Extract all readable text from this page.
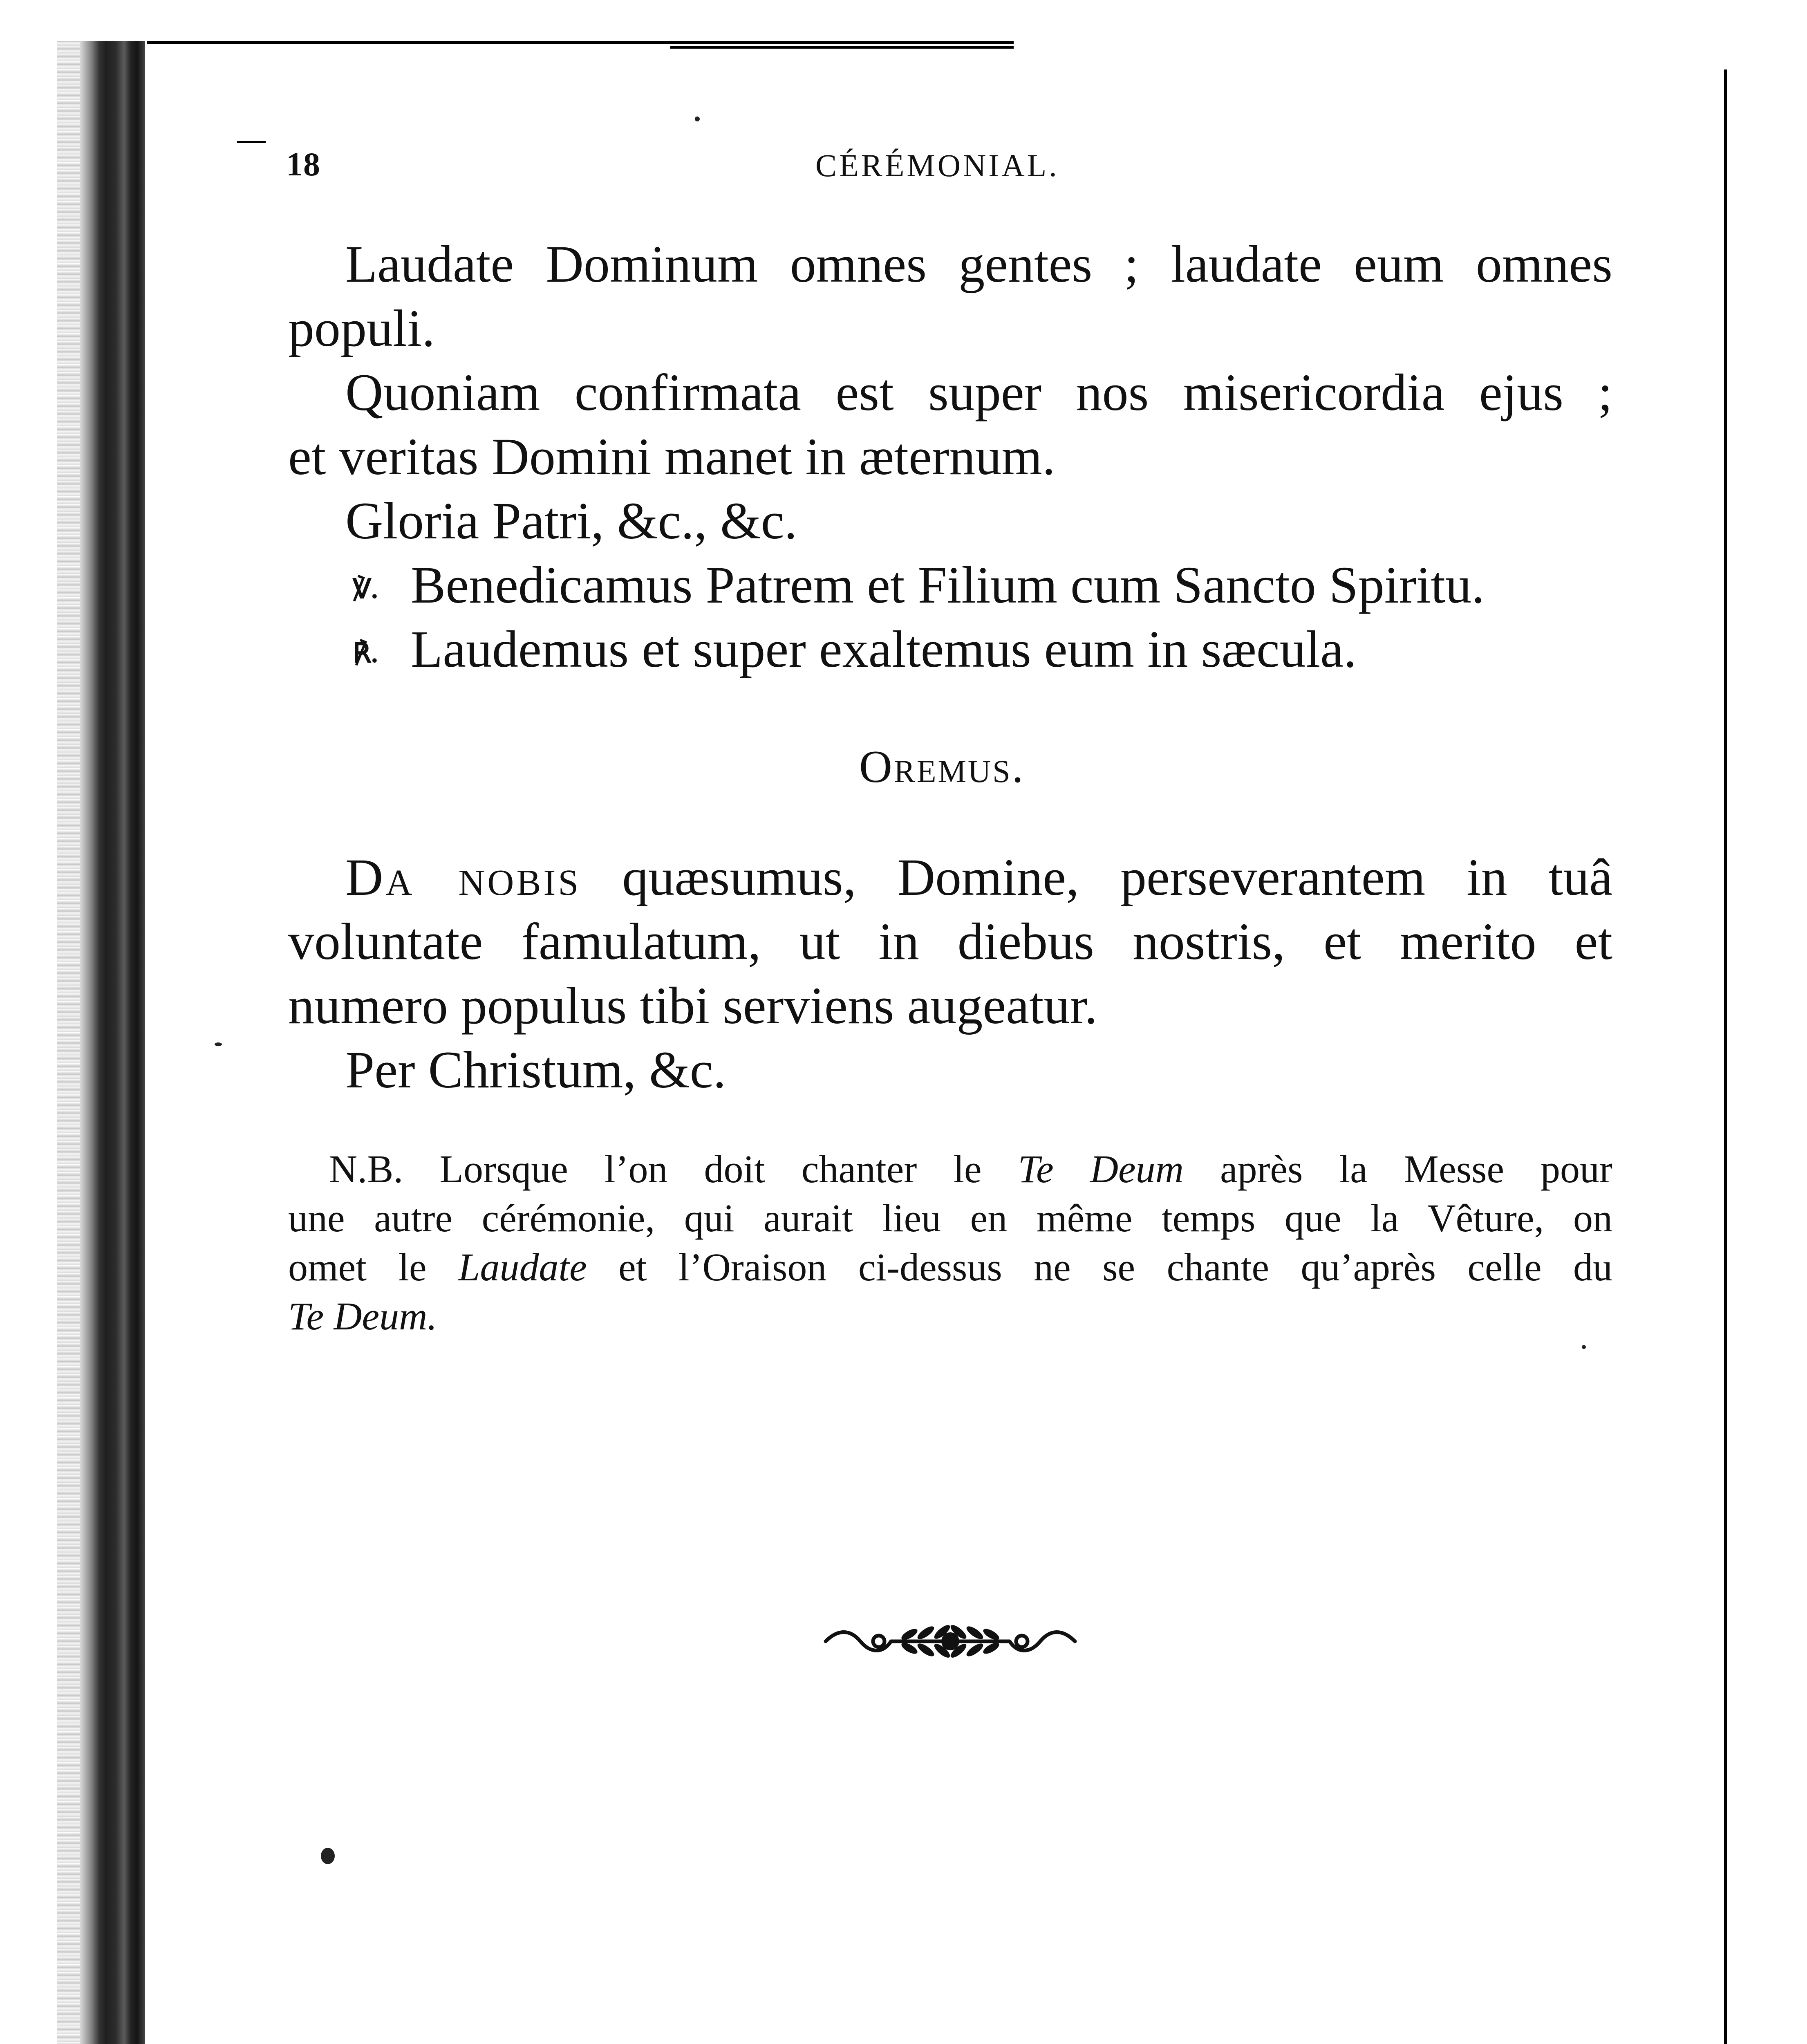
18	CÉRÉMONIAL.
Laudate Dominum omnes gentes ; laudate eum omnes
populi.
Quoniam confirmata est super nos misericordia ejus ;
et veritas Domini manet in æternum.
Gloria Patri, &c., &c.
℣. Benedicamus Patrem et Filium cum Sancto Spiritu.
℟. Laudemus et super exaltemus eum in sæcula.
Oremus.
Da nobis quæsumus, Domine, perseverantem in tuâ
voluntate famulatum, ut in diebus nostris, et merito et
numero populus tibi serviens augeatur.
Per Christum, &c.
N.B. Lorsque l’on doit chanter le Te Deum après la Messe pour
une autre cérémonie, qui aurait lieu en même temps que la Vêture, on
omet le Laudate et l’Oraison ci-dessus ne se chante qu’après celle du
Te Deum.
